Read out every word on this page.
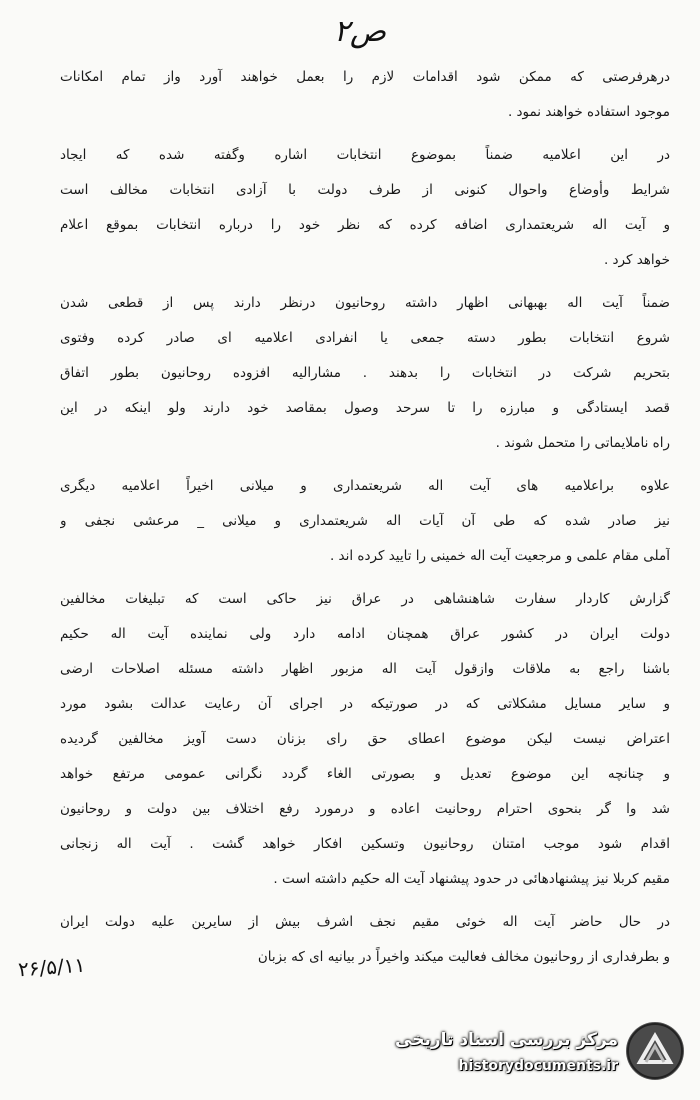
ص۲
درهرفرصتی که ممکن شود اقدامات لازم را بعمل خواهند آورد واز تمام امکانات
موجود استفاده خواهند نمود .
در این اعلامیه ضمناً بموضوع انتخابات اشاره وگفته شده که ایجاد
شرایط وأوضاع واحوال کنونی از طرف دولت با آزادی انتخابات مخالف است
و آیت اله شریعتمداری اضافه کرده که نظر خود را درباره انتخابات بموقع اعلام
خواهد کرد .
ضمناً آیت اله بهبهانی اظهار داشته روحانیون درنظر دارند پس از قطعی شدن
شروع انتخابات بطور دسته جمعی یا انفرادی اعلامیه ای صادر کرده وفتوی
بتحریم شرکت در انتخابات را بدهند . مشارالیه افزوده روحانیون بطور اتفاق
قصد ایستادگی و مبارزه را تا سرحد وصول بمقاصد خود دارند ولو اینکه در این
راه ناملایماتی را متحمل شوند .
علاوه براعلامیه های آیت اله شریعتمداری و میلانی اخیراً اعلامیه دیگری
نیز صادر شده که طی آن آیات اله شریعتمداری و میلانی _ مرعشی نجفی و
آملی مقام علمی و مرجعیت آیت اله خمینی را تایید کرده اند .
گزارش کاردار سفارت شاهنشاهی در عراق نیز حاکی است که تبلیغات مخالفین
دولت ایران در کشور عراق همچنان ادامه دارد ولی نماینده آیت اله حکیم
باشنا راجع به ملاقات وازقول آیت اله مزبور اظهار داشته مسئله اصلاحات ارضی
و سایر مسایل مشکلاتی که در صورتیکه در اجرای آن رعایت عدالت بشود مورد
اعتراض نیست لیکن موضوع اعطای حق رای بزنان دست آویز مخالفین گردیده
و چنانچه این موضوع تعدیل و بصورتی الغاء گردد نگرانی عمومی مرتفع خواهد
شد وا گر بنحوی احترام روحانیت اعاده و درمورد رفع اختلاف بین دولت و روحانیون
اقدام شود موجب امتنان روحانیون وتسکین افکار خواهد گشت . آیت اله زنجانی
مقیم کربلا نیز پیشنهادهائی در حدود پیشنهاد آیت اله حکیم داشته است .
در حال حاضر آیت اله خوئی مقیم نجف اشرف بیش از سایرین علیه دولت ایران
و بطرفداری از روحانیون مخالف فعالیت میکند واخیراً در بیانیه ای که بزبان
۲۶/۵/۱۱
مرکز بررسی اسناد تاریخی
historydocuments.ir
